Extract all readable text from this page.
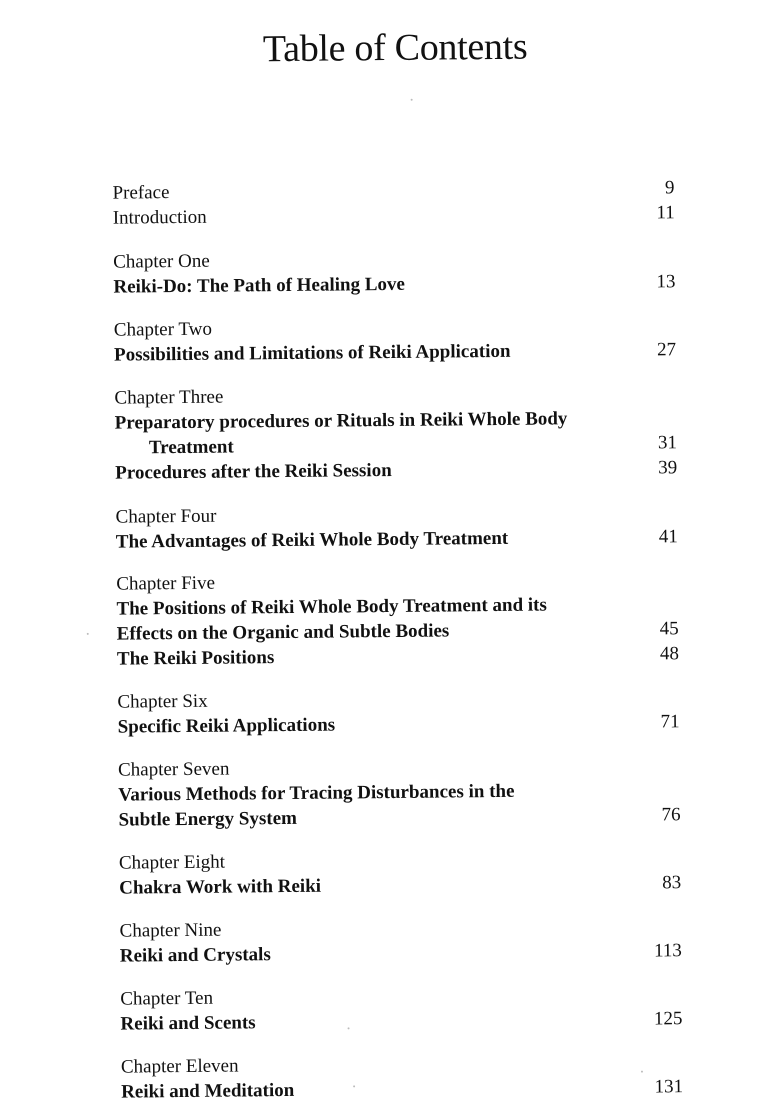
Table of Contents
Preface	9
Introduction	11
Chapter One
Reiki-Do: The Path of Healing Love	13
Chapter Two
Possibilities and Limitations of Reiki Application	27
Chapter Three
Preparatory procedures or Rituals in Reiki Whole Body
Treatment	31
Procedures after the Reiki Session	39
Chapter Four
The Advantages of Reiki Whole Body Treatment	41
Chapter Five
The Positions of Reiki Whole Body Treatment and its
Effects on the Organic and Subtle Bodies	45
The Reiki Positions	48
Chapter Six
Specific Reiki Applications	71
Chapter Seven
Various Methods for Tracing Disturbances in the
Subtle Energy System	76
Chapter Eight
Chakra Work with Reiki	83
Chapter Nine
Reiki and Crystals	113
Chapter Ten
Reiki and Scents	125
Chapter Eleven
Reiki and Meditation	131
